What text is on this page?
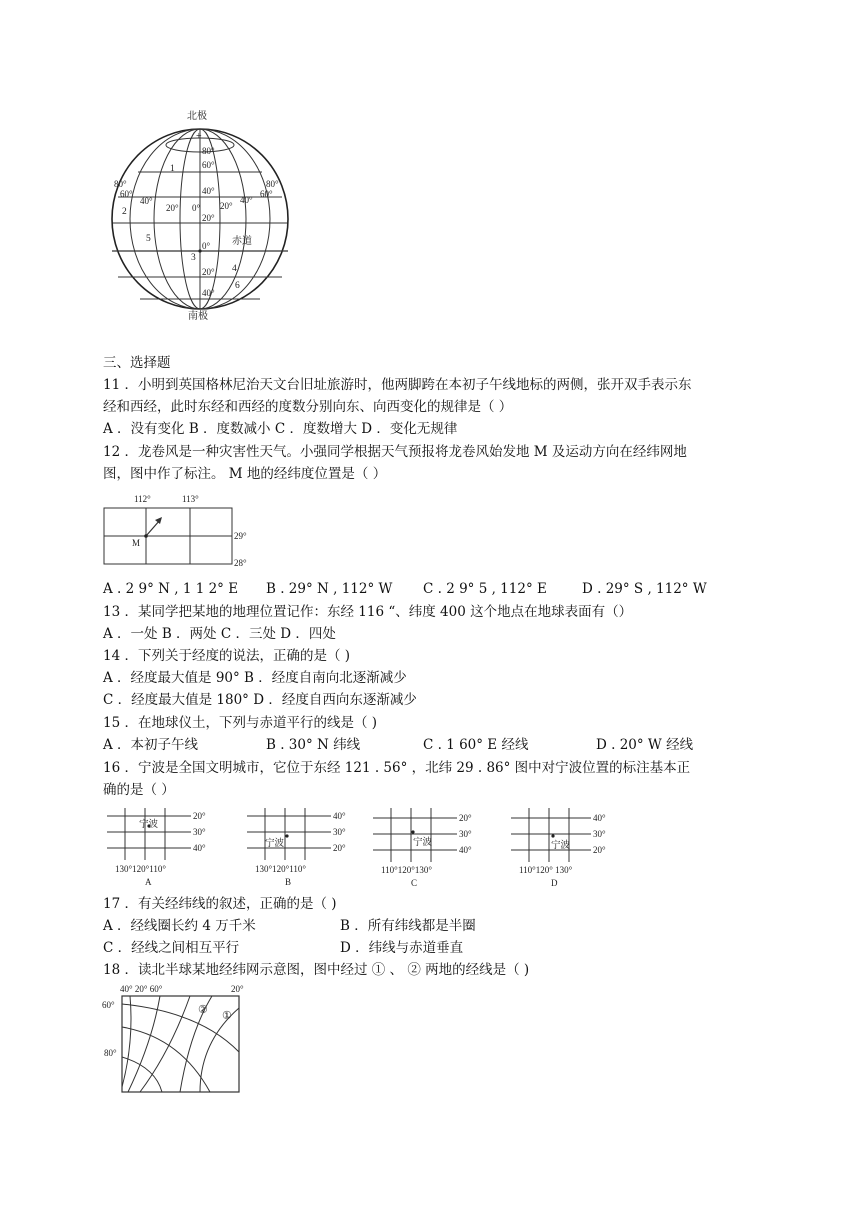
北极
南极
+
80°
60°
40°
20°
0°
20°
40°
80°
60°
40°
20° 0° 20°
40°
60°
80°
赤道
1
2
3
4
5
6
三、选择题
11 ．小明到英国格林尼治天文台旧址旅游时，他两脚跨在本初子午线地标的两侧，张开双手表示东
经和西经，此时东经和西经的度数分别向东、向西变化的规律是（ ）
A ．没有变化 B ．度数减小 C ．度数增大 D ．变化无规律
12 ．龙卷风是一种灾害性天气。小强同学根据天气预报将龙卷风始发地 M 及运动方向在经纬网地
图，图中作了标注。 M 地的经纬度位置是（ ）
112°	113°
M
29°
28°
A . 2 9° N , 1 1 2° E B . 29° N , 112° W C . 2 9° 5 , 112° E	D . 29° S , 112° W
13 ．某同学把某地的地理位置记作：东经 116 “、纬度 400 这个地点在地球表面有（）
A ．一处 B ．两处 C ．三处 D ．四处
14 ．下列关于经度的说法，正确的是（ )
A ．经度最大值是 90° B ．经度自南向北逐渐减少
C ．经度最大值是 180° D ．经度自西向东逐渐减少
15 ．在地球仪土，下列与赤道平行的线是（ )
A ．本初子午线	B . 30° N 纬线	C . 1 60° E 经线	D . 20° W 经线
16 ．宁波是全国文明城市，它位于东经 121 . 56° ，北纬 29 . 86° 图中对宁波位置的标注基本正
确的是（ ）
宁波
20°
30°
40°
130°120°110°
A
宁波
40°
30°
20°
130°120°110°
B
宁波
20°
30°
40°
110°120°130°
C
宁波
40°
30°
20°
110°120° 130°
D
17 ．有关经纬线的叙述，正确的是（ )
A ．经线圈长约 4 万千米	B ．所有纬线都是半圈
C ．经线之间相互平行	D ．纬线与赤道垂直
18 ．读北半球某地经纬网示意图，图中经过 ① 、 ② 两地的经线是（ )
40° 20° 60°	20°
60°
80°
② ①
